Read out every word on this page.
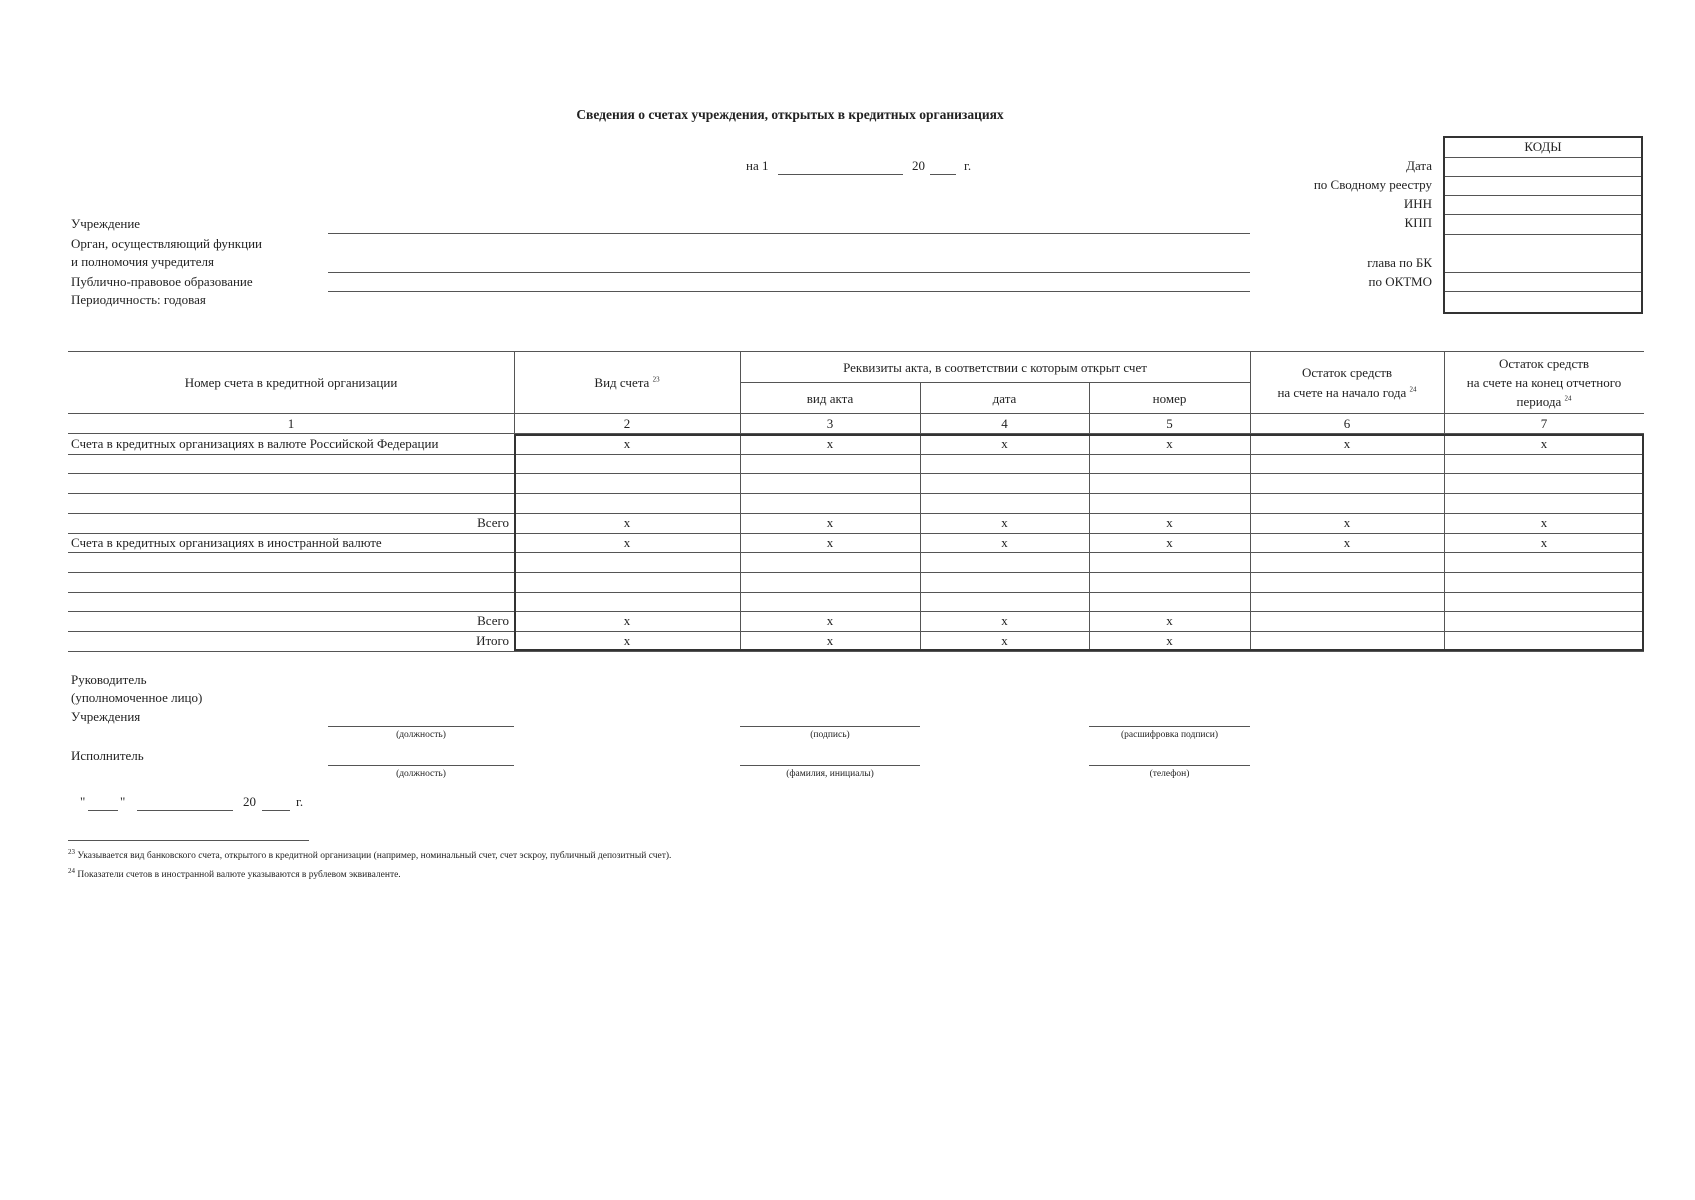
Сведения о счетах учреждения, открытых в кредитных организациях
на 1	20	г.
КОДЫ
Дата
по Сводному реестру
ИНН
КПП
глава по БК
по ОКТМО
Учреждение
Орган, осуществляющий функции
и полномочия учредителя
Публично-правовое образование
Периодичность: годовая
Номер счета в кредитной организации	Вид счета $^{23}$
Реквизиты акта, в соответствии с которым открыт счет
вид акта	дата	номер
Остаток средств
на счете на начало года $^{24}$
Остаток средств
на счете на конец отчетного
периода $^{24}$
1	2	3	4	5	6	7
Счета в кредитных организациях в валюте Российской Федерации	x	x	x	x	x	x
Всего	x	x	x	x	x	x
Счета в кредитных организациях в иностранной валюте	x	x	x	x	x	x
Всего	x	x	x	x
Итого	x	x	x	x
Руководитель
(уполномоченное лицо)
Учреждения
(должность)	(подпись)	(расшифровка подписи)
Исполнитель
(должность)	(фамилия, инициалы)	(телефон)
"	"	20	г.
$^{23}$ Указывается вид банковского счета, открытого в кредитной организации (например, номинальный счет, счет эскроу, публичный депозитный счет).
$^{24}$ Показатели счетов в иностранной валюте указываются в рублевом эквиваленте.
